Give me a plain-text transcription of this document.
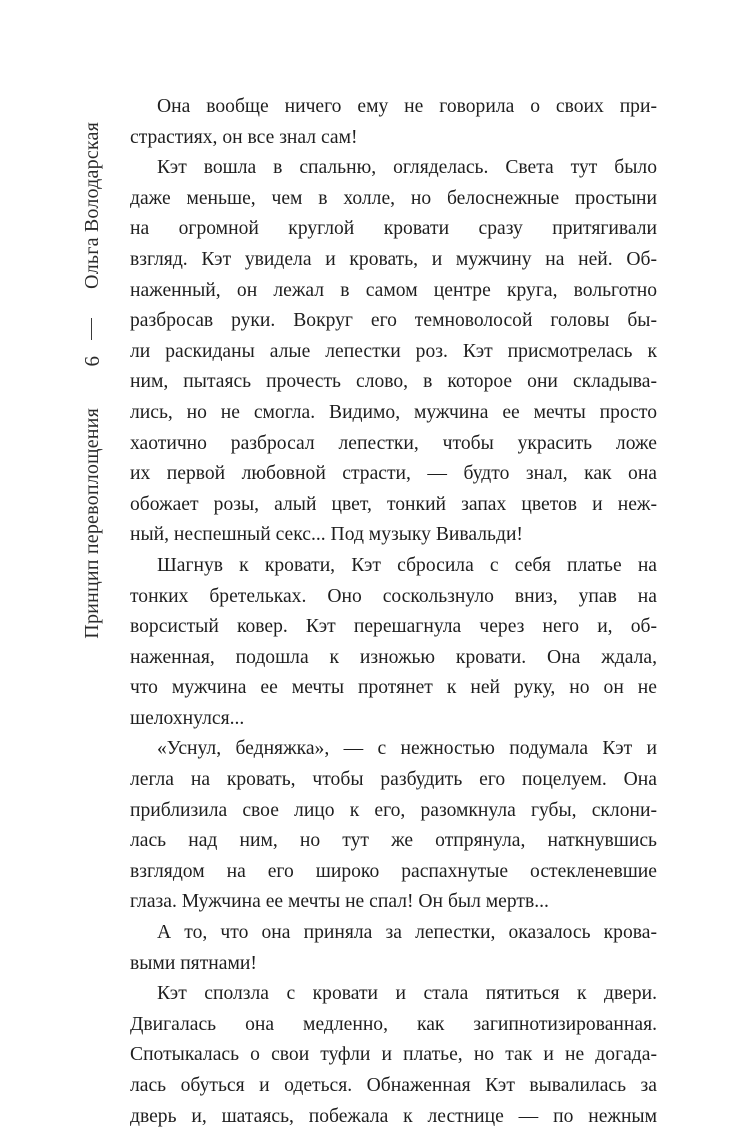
Ольга Володарская
6
Принцип перевоплощения
Она вообще ничего ему не говорила о своих при-
страстиях, он все знал сам!
Кэт вошла в спальню, огляделась. Света тут было
даже меньше, чем в холле, но белоснежные простыни
на огромной круглой кровати сразу притягивали
взгляд. Кэт увидела и кровать, и мужчину на ней. Об-
наженный, он лежал в самом центре круга, вольготно
разбросав руки. Вокруг его темноволосой головы бы-
ли раскиданы алые лепестки роз. Кэт присмотрелась к
ним, пытаясь прочесть слово, в которое они складыва-
лись, но не смогла. Видимо, мужчина ее мечты просто
хаотично разбросал лепестки, чтобы украсить ложе
их первой любовной страсти, — будто знал, как она
обожает розы, алый цвет, тонкий запах цветов и неж-
ный, неспешный секс... Под музыку Вивальди!
Шагнув к кровати, Кэт сбросила с себя платье на
тонких бретельках. Оно соскользнуло вниз, упав на
ворсистый ковер. Кэт перешагнула через него и, об-
наженная, подошла к изножью кровати. Она ждала,
что мужчина ее мечты протянет к ней руку, но он не
шелохнулся...
«Уснул, бедняжка», — с нежностью подумала Кэт и
легла на кровать, чтобы разбудить его поцелуем. Она
приблизила свое лицо к его, разомкнула губы, склони-
лась над ним, но тут же отпрянула, наткнувшись
взглядом на его широко распахнутые остекленевшие
глаза. Мужчина ее мечты не спал! Он был мертв...
А то, что она приняла за лепестки, оказалось крова-
выми пятнами!
Кэт сползла с кровати и стала пятиться к двери.
Двигалась она медленно, как загипнотизированная.
Спотыкалась о свои туфли и платье, но так и не догада-
лась обуться и одеться. Обнаженная Кэт вывалилась за
дверь и, шатаясь, побежала к лестнице — по нежным
